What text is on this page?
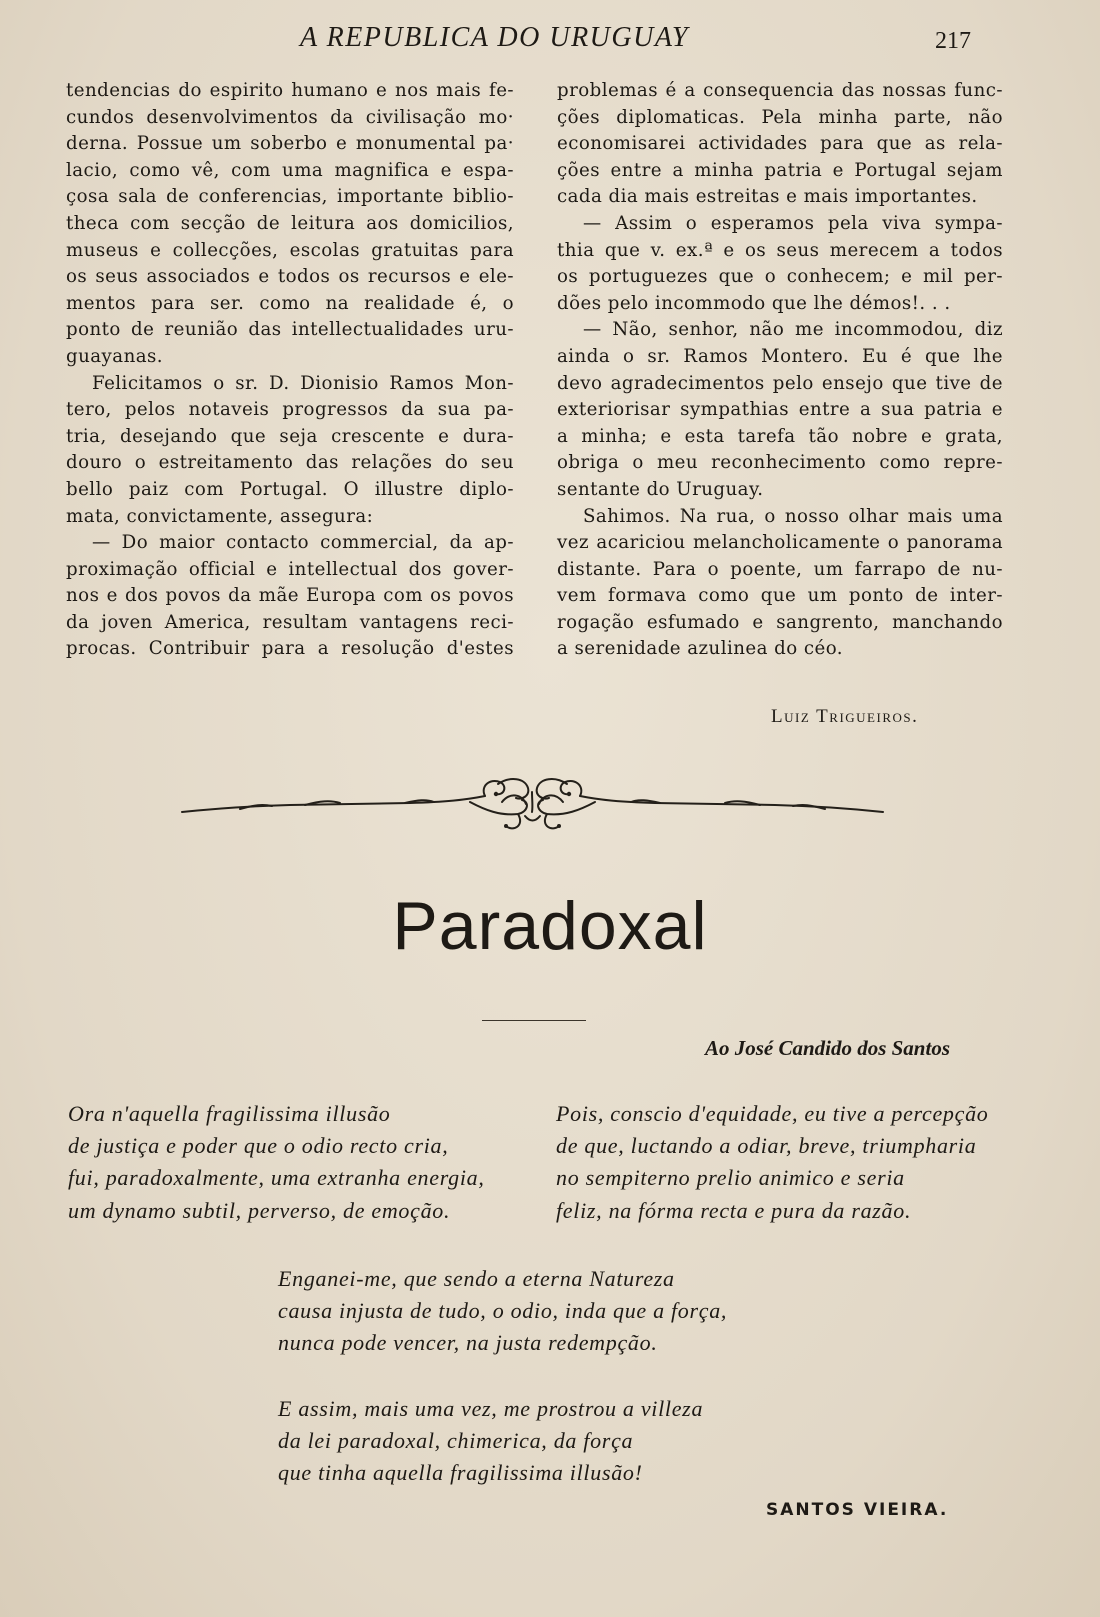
A REPUBLICA DO URUGUAY	217
tendencias do espirito humano e nos mais fe-
cundos desenvolvimentos da civilisação mo·
derna. Possue um soberbo e monumental pa·
lacio, como vê, com uma magnifica e espa-
çosa sala de conferencias, importante biblio-
theca com secção de leitura aos domicilios,
museus e collecções, escolas gratuitas para
os seus associados e todos os recursos e ele-
mentos para ser. como na realidade é, o
ponto de reunião das intellectualidades uru-
guayanas.
Felicitamos o sr. D. Dionisio Ramos Mon-
tero, pelos notaveis progressos da sua pa-
tria, desejando que seja crescente e dura-
douro o estreitamento das relações do seu
bello paiz com Portugal. O illustre diplo-
mata, convictamente, assegura:
— Do maior contacto commercial, da ap-
proximação official e intellectual dos gover-
nos e dos povos da mãe Europa com os povos
da joven America, resultam vantagens reci-
procas. Contribuir para a resolução d'estes
problemas é a consequencia das nossas func-
ções diplomaticas. Pela minha parte, não
economisarei actividades para que as rela-
ções entre a minha patria e Portugal sejam
cada dia mais estreitas e mais importantes.
— Assim o esperamos pela viva sympa-
thia que v. ex.ª e os seus merecem a todos
os portuguezes que o conhecem; e mil per-
dões pelo incommodo que lhe démos!. . .
— Não, senhor, não me incommodou, diz
ainda o sr. Ramos Montero. Eu é que lhe
devo agradecimentos pelo ensejo que tive de
exteriorisar sympathias entre a sua patria e
a minha; e esta tarefa tão nobre e grata,
obriga o meu reconhecimento como repre-
sentante do Uruguay.
Sahimos. Na rua, o nosso olhar mais uma
vez acariciou melancholicamente o panorama
distante. Para o poente, um farrapo de nu-
vem formava como que um ponto de inter-
rogação esfumado e sangrento, manchando
a serenidade azulinea do céo.
Luiz Trigueiros.
Paradoxal
Ao José Candido dos Santos
Ora n'aquella fragilissima illusão
de justiça e poder que o odio recto cria,
fui, paradoxalmente, uma extranha energia,
um dynamo subtil, perverso, de emoção.
Pois, conscio d'equidade, eu tive a percepção
de que, luctando a odiar, breve, triumpharia
no sempiterno prelio animico e seria
feliz, na fórma recta e pura da razão.
Enganei-me, que sendo a eterna Natureza
causa injusta de tudo, o odio, inda que a força,
nunca pode vencer, na justa redempção.
E assim, mais uma vez, me prostrou a villeza
da lei paradoxal, chimerica, da força
que tinha aquella fragilissima illusão!
SANTOS VIEIRA.
